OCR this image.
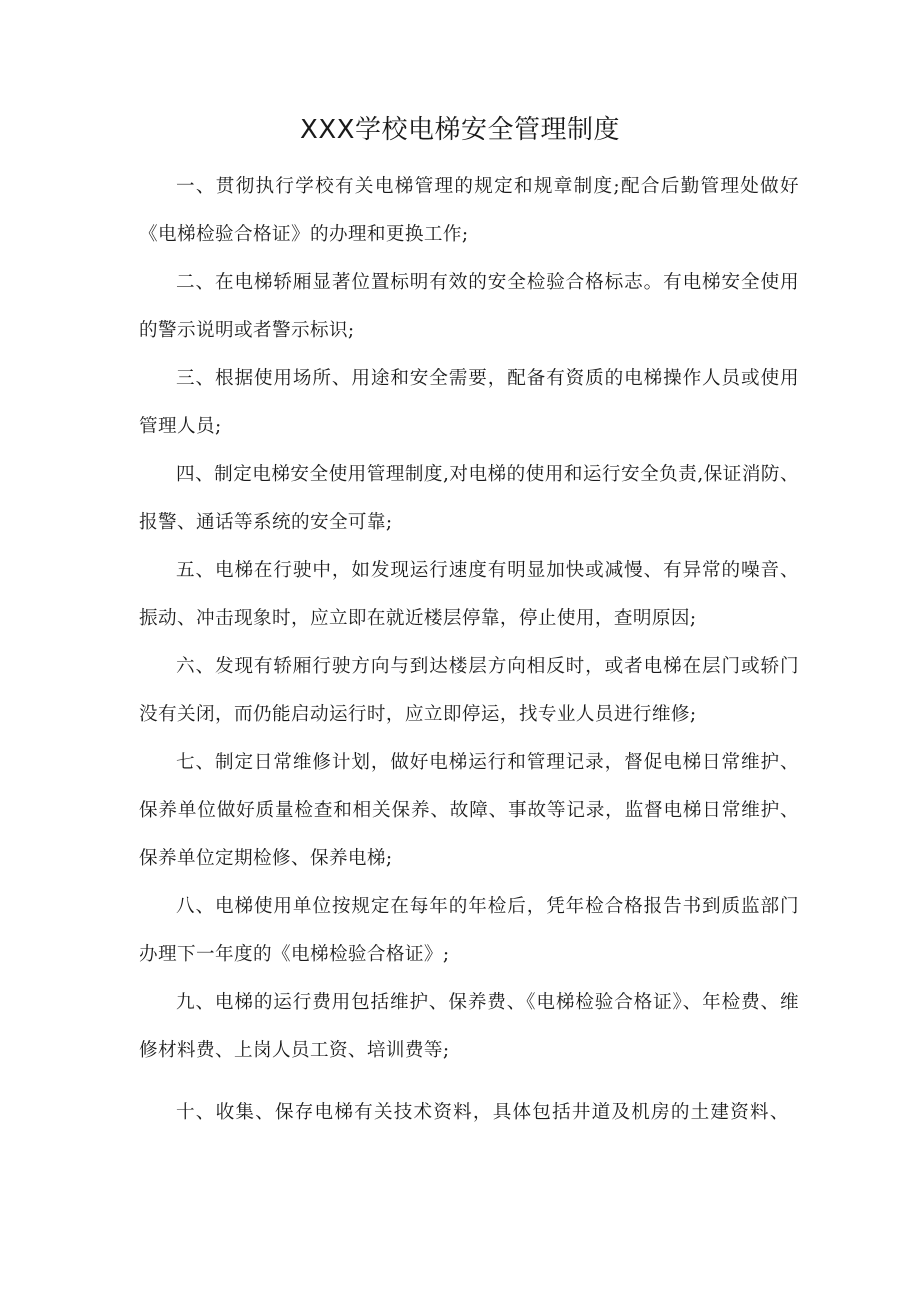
XXX学校电梯安全管理制度

一、贯彻执行学校有关电梯管理的规定和规章制度;配合后勤管理处做好《电梯检验合格证》的办理和更换工作;

二、在电梯轿厢显著位置标明有效的安全检验合格标志。有电梯安全使用的警示说明或者警示标识;

三、根据使用场所、用途和安全需要，配备有资质的电梯操作人员或使用管理人员;

四、制定电梯安全使用管理制度,对电梯的使用和运行安全负责,保证消防、报警、通话等系统的安全可靠;

五、电梯在行驶中，如发现运行速度有明显加快或减慢、有异常的噪音、振动、冲击现象时，应立即在就近楼层停靠，停止使用，查明原因;

六、发现有轿厢行驶方向与到达楼层方向相反时，或者电梯在层门或轿门没有关闭，而仍能启动运行时，应立即停运，找专业人员进行维修;

七、制定日常维修计划，做好电梯运行和管理记录，督促电梯日常维护、保养单位做好质量检查和相关保养、故障、事故等记录，监督电梯日常维护、保养单位定期检修、保养电梯;

八、电梯使用单位按规定在每年的年检后，凭年检合格报告书到质监部门办理下一年度的《电梯检验合格证》;

九、电梯的运行费用包括维护、保养费、《电梯检验合格证》、年检费、维修材料费、上岗人员工资、培训费等;

十、收集、保存电梯有关技术资料，具体包括井道及机房的土建资料、
